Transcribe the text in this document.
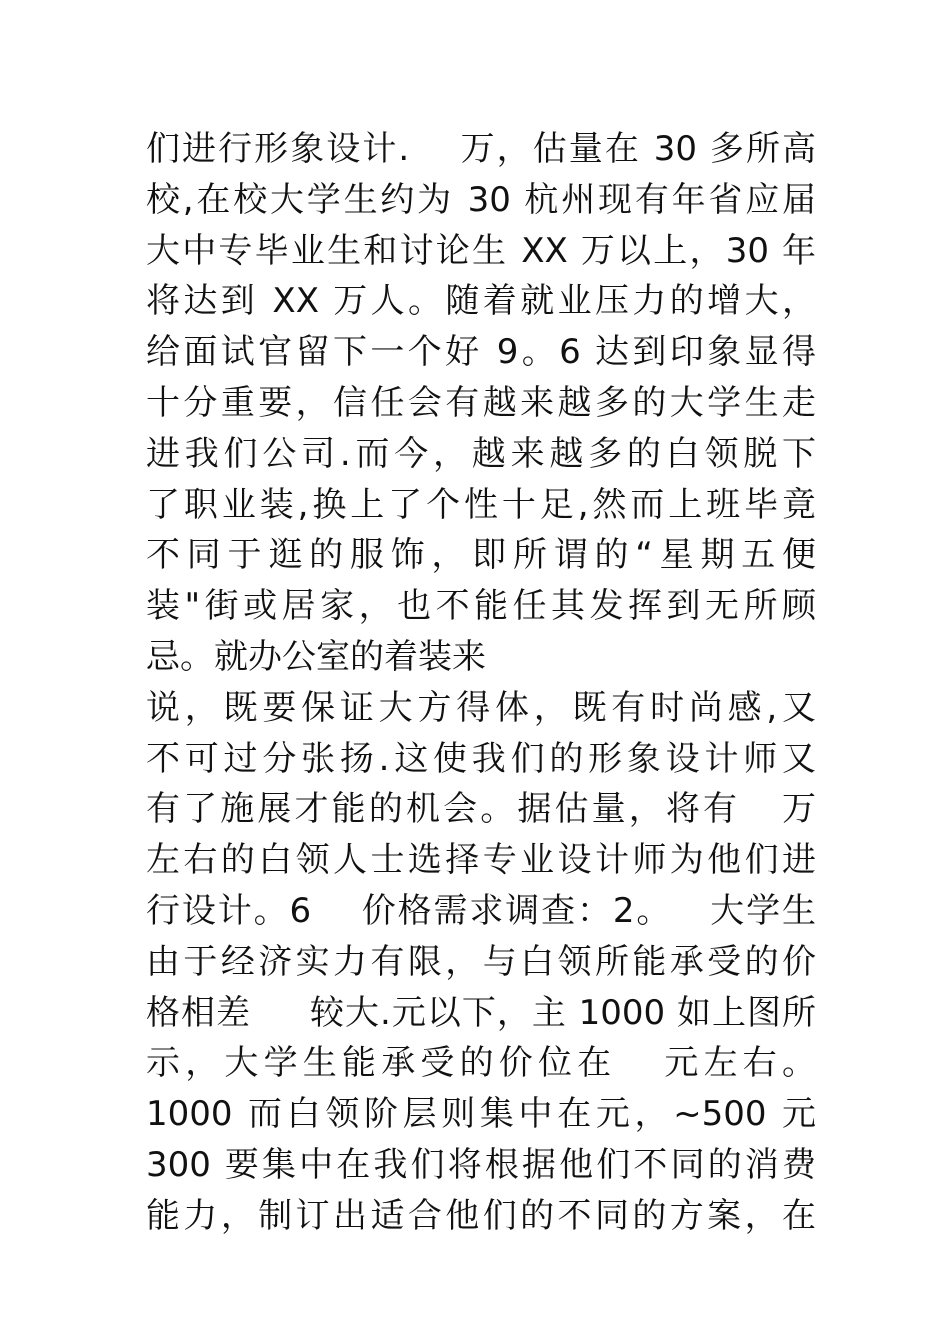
们进行形象设计.    万，估量在 30 多所高
校,在校大学生约为 30 杭州现有年省应届
大中专毕业生和讨论生 XX 万以上，30 年
将达到 XX 万人。随着就业压力的增大，
给面试官留下一个好 9。6 达到印象显得
十分重要，信任会有越来越多的大学生走
进我们公司.而今，越来越多的白领脱下
了职业装,换上了个性十足,然而上班毕竟
不同于逛的服饰，即所谓的“星期五便
装"街或居家，也不能任其发挥到无所顾
忌。就办公室的着装来
说，既要保证大方得体，既有时尚感,又
不可过分张扬.这使我们的形象设计师又
有了施展才能的机会。据估量，将有   万
左右的白领人士选择专业设计师为他们进
行设计。6    价格需求调查：2。   大学生
由于经济实力有限，与白领所能承受的价
格相差     较大.元以下，主 1000 如上图所
示，大学生能承受的价位在   元左右。
1000 而白领阶层则集中在元，~500 元
300 要集中在我们将根据他们不同的消费
能力，制订出适合他们的不同的方案，在
